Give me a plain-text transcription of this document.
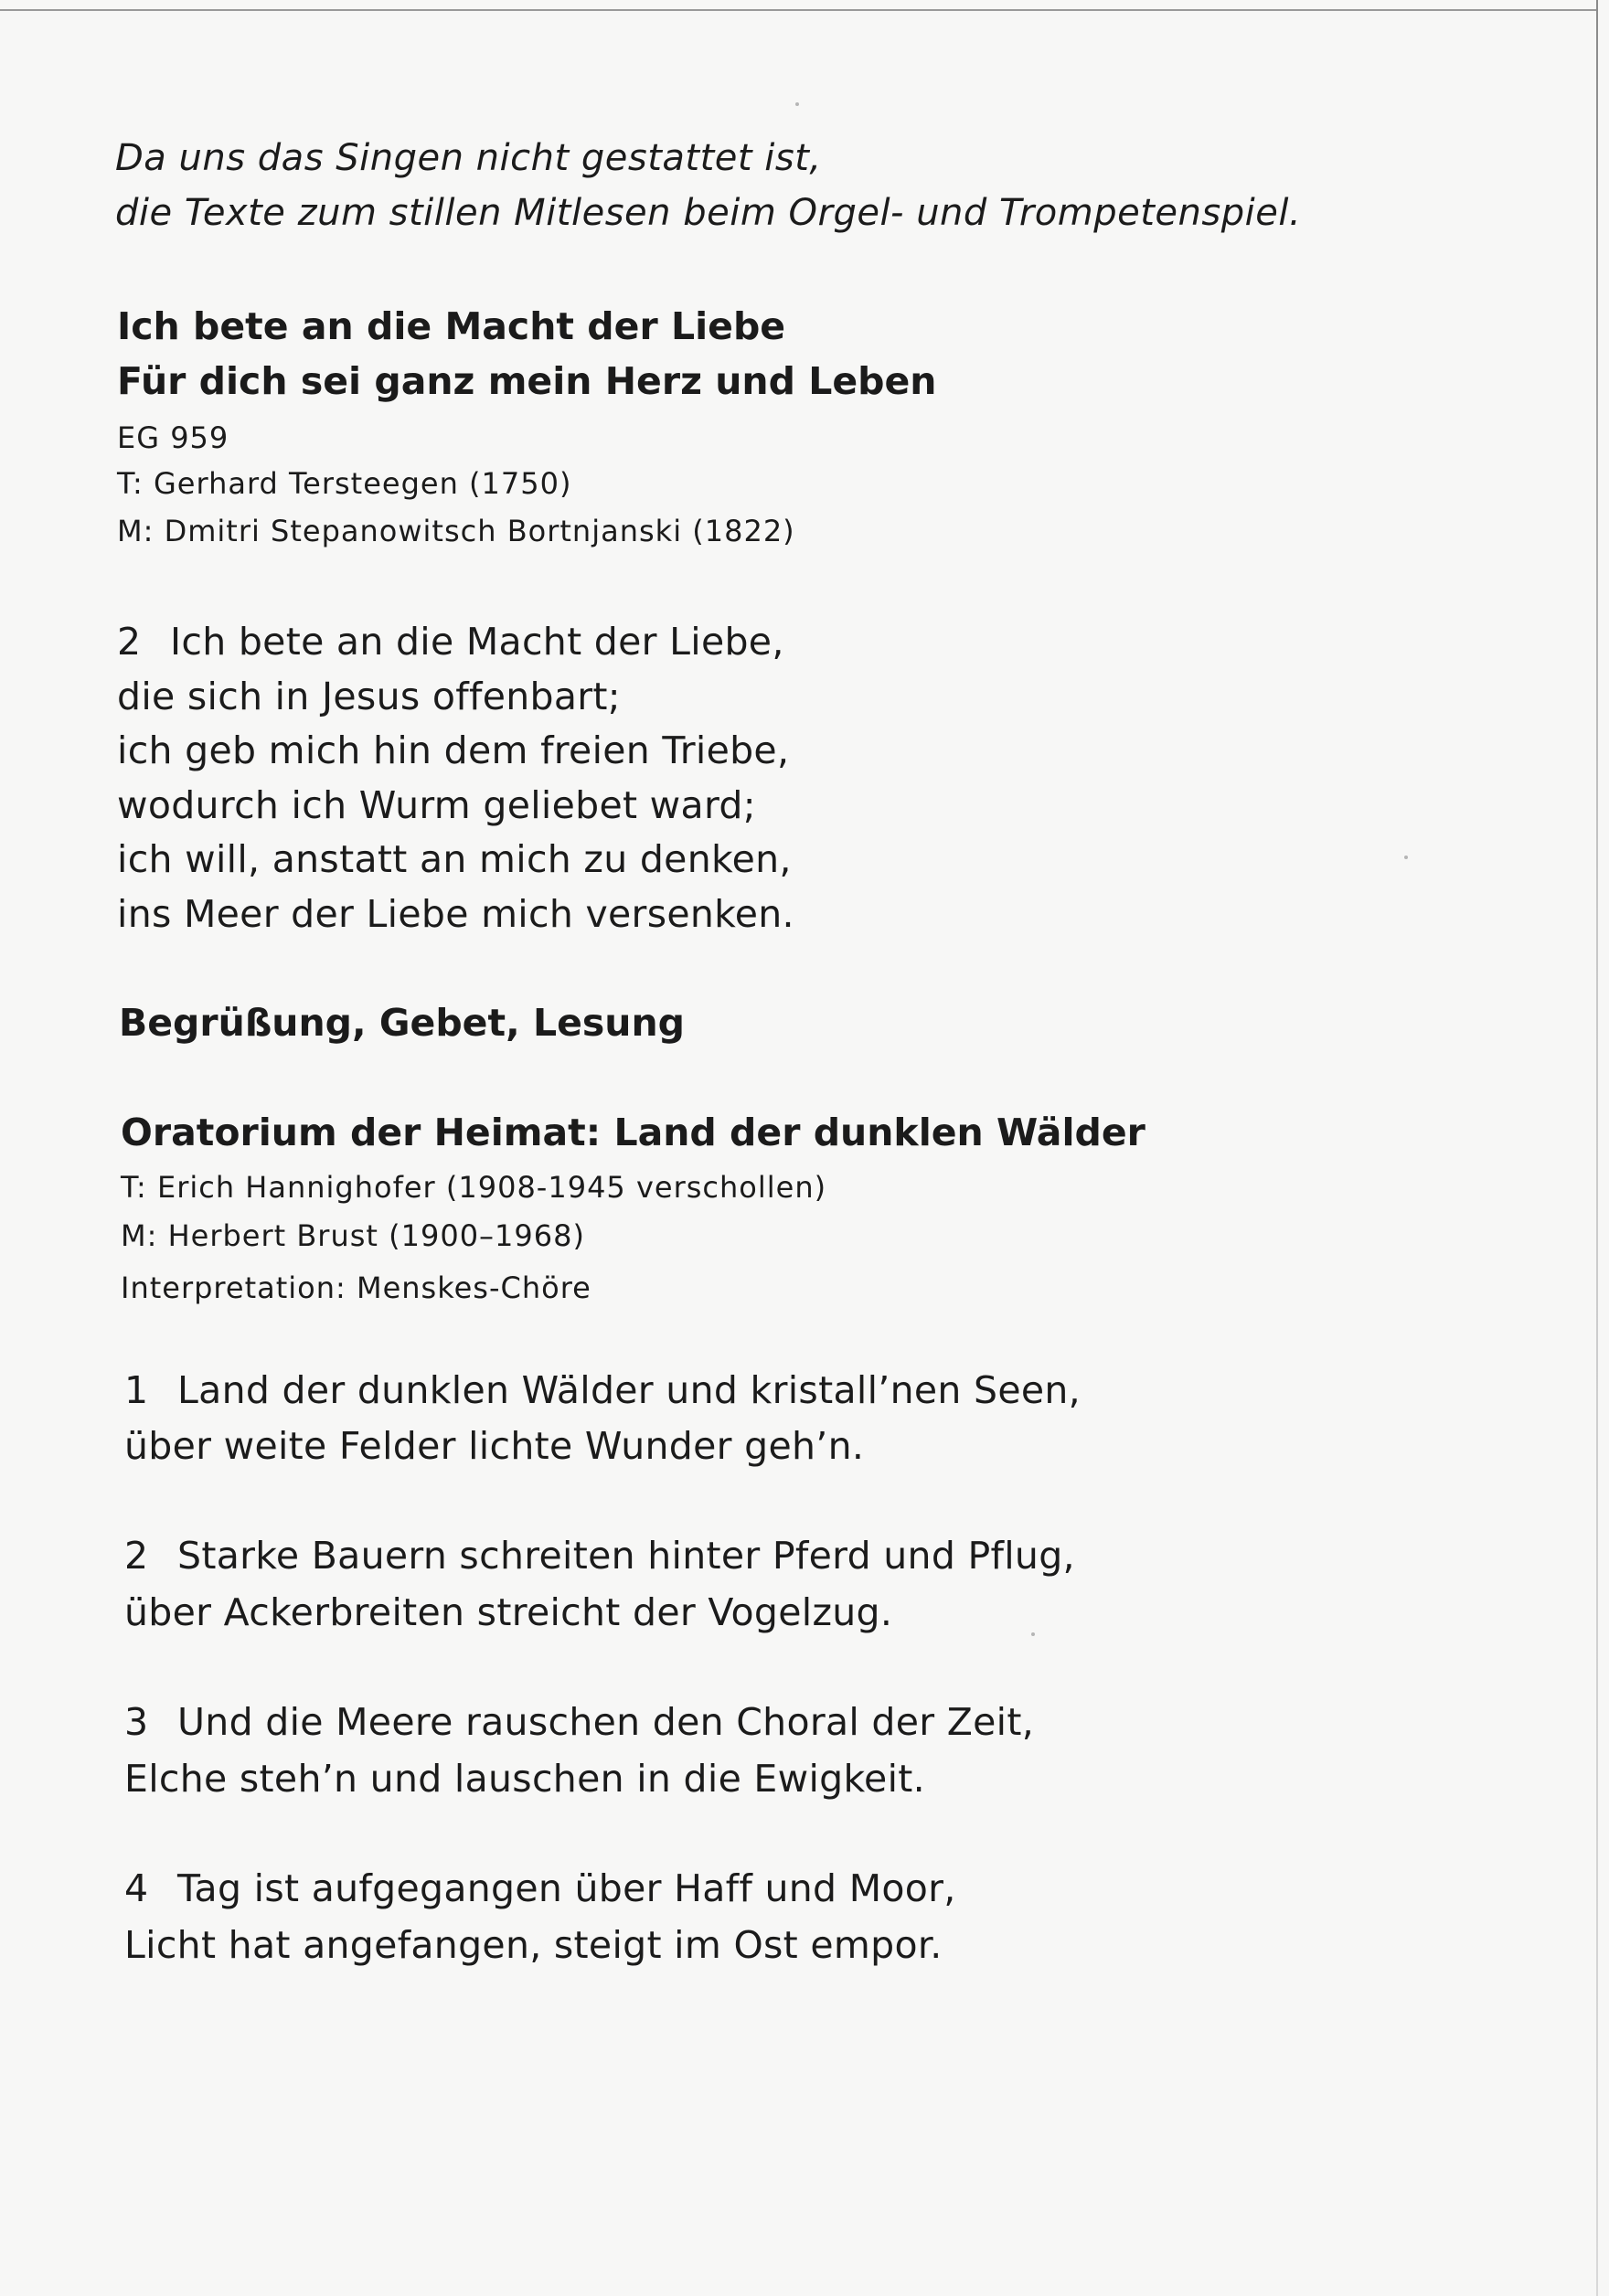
Da uns das Singen nicht gestattet ist,
die Texte zum stillen Mitlesen beim Orgel- und Trompetenspiel.
Ich bete an die Macht der Liebe
Für dich sei ganz mein Herz und Leben
EG 959
T: Gerhard Tersteegen (1750)
M: Dmitri Stepanowitsch Bortnjanski (1822)
2 Ich bete an die Macht der Liebe,
die sich in Jesus offenbart;
ich geb mich hin dem freien Triebe,
wodurch ich Wurm geliebet ward;
ich will, anstatt an mich zu denken,
ins Meer der Liebe mich versenken.
Begrüßung, Gebet, Lesung
Oratorium der Heimat: Land der dunklen Wälder
T: Erich Hannighofer (1908-1945 verschollen)
M: Herbert Brust (1900–1968)
Interpretation: Menskes-Chöre
1 Land der dunklen Wälder und kristall’nen Seen,
über weite Felder lichte Wunder geh’n.
2 Starke Bauern schreiten hinter Pferd und Pflug,
über Ackerbreiten streicht der Vogelzug.
3 Und die Meere rauschen den Choral der Zeit,
Elche steh’n und lauschen in die Ewigkeit.
4 Tag ist aufgegangen über Haff und Moor,
Licht hat angefangen, steigt im Ost empor.
